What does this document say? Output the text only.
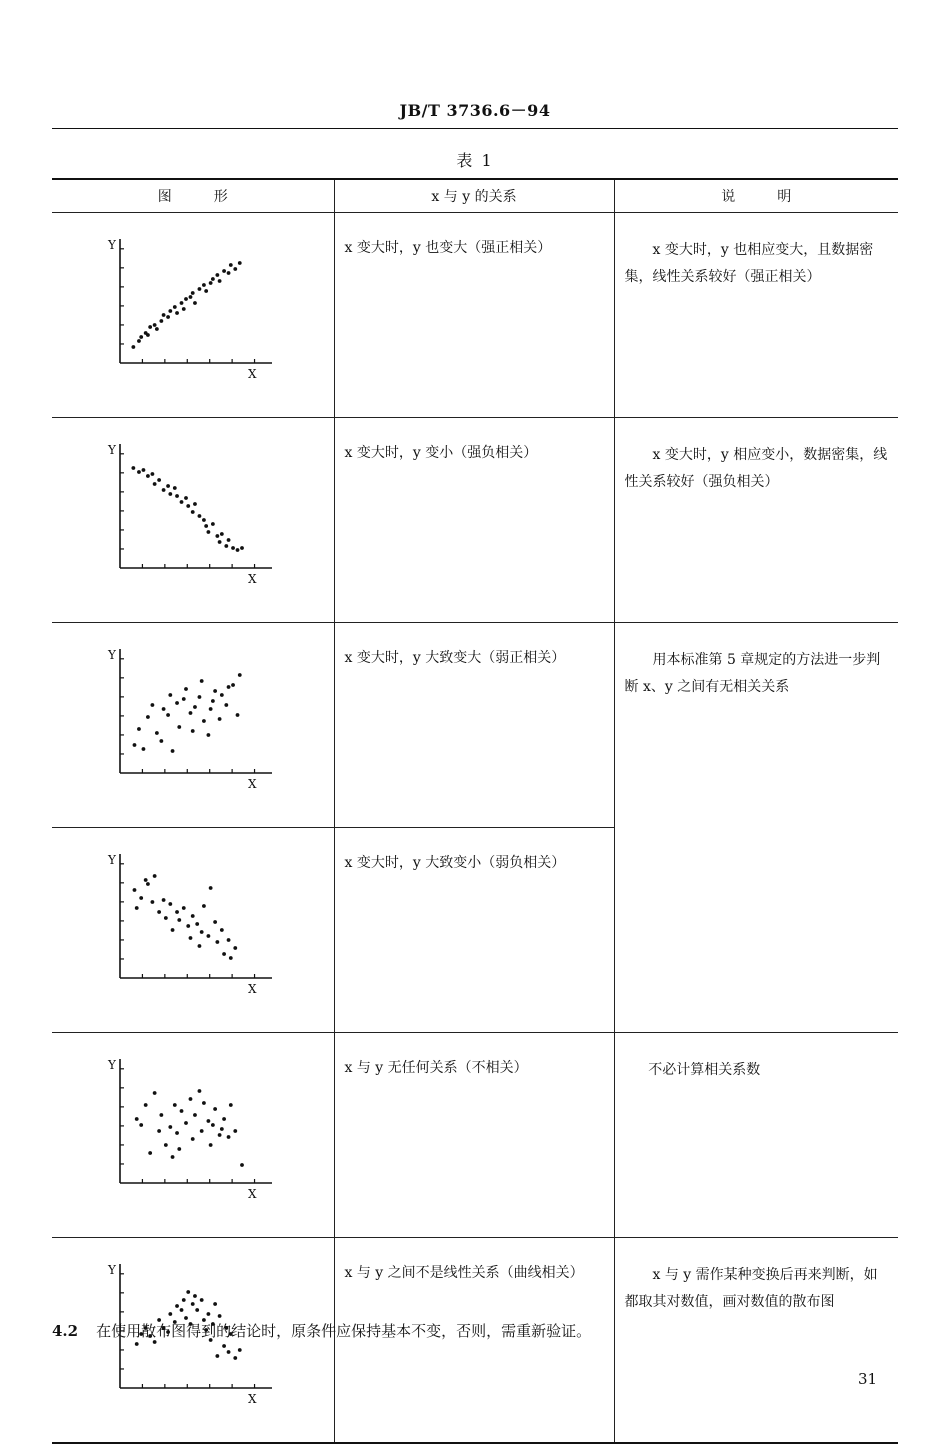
JB/T 3736.6－94
表 1
图　　　形	x 与 y 的关系	说　　　明

Y
X	x 变大时，y 也变大（强正相关）	x 变大时，y 也相应变大，且数据密集，线性关系较好（强正相关）

Y
X	x 变大时，y 变小（强负相关）	x 变大时，y 相应变小，数据密集，线性关系较好（强负相关）

Y
X	x 变大时，y 大致变大（弱正相关）	用本标准第 5 章规定的方法进一步判断 x、y 之间有无相关关系

Y
X	x 变大时，y 大致变小（弱负相关）	

Y
X	x 与 y 无任何关系（不相关）	不必计算相关系数

Y
X	x 与 y 之间不是线性关系（曲线相关）	x 与 y 需作某种变换后再来判断，如都取其对数值，画对数值的散布图
4.2 在使用散布图得到的结论时，原条件应保持基本不变，否则，需重新验证。
31
